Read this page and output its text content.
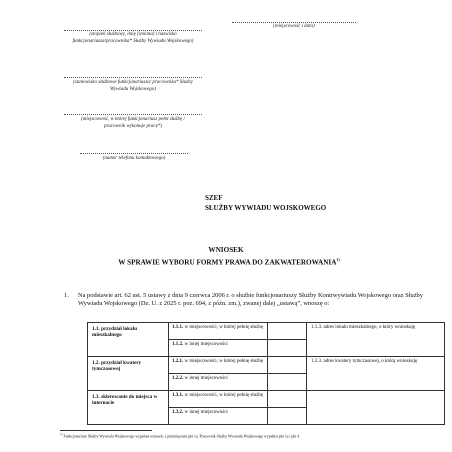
(stopień służbowy, imię (imiona) i nazwisko funkcjonariusza/pracownika* Służby Wywiadu Wojskowego)
(miejscowość i data)
(stanowisko służbowe funkcjonariusza/ pracownika* Służby Wywiadu Wojskowego)
(miejscowość, w której funkcjonariusz pełni służbę / pracownik wykonuje pracę*)
(numer telefonu kontaktowego)
SZEF
SŁUŻBY WYWIADU WOJSKOWEGO
WNIOSEK
W SPRAWIE WYBORU FORMY PRAWA DO ZAKWATEROWANIA$^{1)}$
1. Na podstawie art. 62 ust. 5 ustawy z dnia 9 czerwca 2006 r. o służbie funkcjonariuszy Służby Kontrwywiadu Wojskowego oraz Służby Wywiadu Wojskowego (Dz. U. z 2025 r. poz. 694, z późn. zm.), zwanej dalej „ustawą”, wnoszę o:
1.1. przydział lokalu mieszkalnego	1.1.1. w miejscowości, w której pełnię służbę
1.1.2. w innej miejscowości	1.1.3. adres lokalu mieszkalnego, o który wnioskuję
1.2. przydział kwatery tymczasowej	1.2.1. w miejscowości, w której pełnię służbę
1.2.2. w innej miejscowości	1.2.3. adres kwatery tymczasowej, o którą wnioskuję
1.3. skierowanie do miejsca w internacie	1.3.1. w miejscowości, w której pełnię służbę
1.3.2. w innej miejscowości	

$^{1)}$ Funkcjonariusz Służby Wywiadu Wojskowego wypełnia wniosek, z pominięciem pkt 1a. Pracownik Służby Wywiadu Wojskowego wypełnia pkt 1a i pkt 4.
